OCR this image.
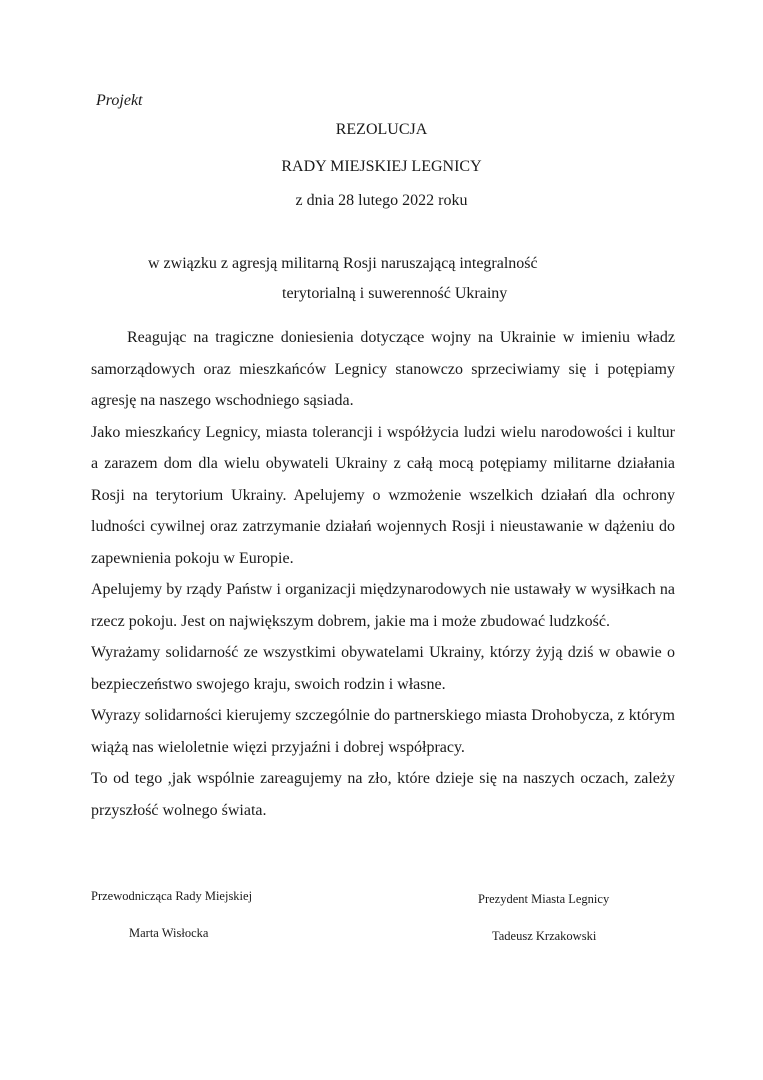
Projekt
REZOLUCJA
RADY MIEJSKIEJ LEGNICY
z dnia 28 lutego 2022 roku
w związku z agresją militarną Rosji naruszającą integralność
terytorialną i suwerenność Ukrainy

Reagując na tragiczne doniesienia dotyczące wojny na Ukrainie w imieniu władz samorządowych oraz mieszkańców Legnicy stanowczo sprzeciwiamy się i potępiamy agresję na naszego wschodniego sąsiada.

Jako mieszkańcy Legnicy, miasta tolerancji i współżycia ludzi wielu narodowości i kultur a zarazem dom dla wielu obywateli Ukrainy z całą mocą potępiamy militarne działania Rosji na terytorium Ukrainy. Apelujemy o wzmożenie wszelkich działań dla ochrony ludności cywilnej oraz zatrzymanie działań wojennych Rosji i nieustawanie w dążeniu do zapewnienia pokoju w Europie.

Apelujemy by rządy Państw i organizacji międzynarodowych nie ustawały w wysiłkach na rzecz pokoju. Jest on największym dobrem, jakie ma i może zbudować ludzkość.

Wyrażamy solidarność ze wszystkimi obywatelami Ukrainy, którzy żyją dziś w obawie o bezpieczeństwo swojego kraju, swoich rodzin i własne.

Wyrazy solidarności kierujemy szczególnie do partnerskiego miasta Drohobycza, z którym wiążą nas wieloletnie więzi przyjaźni i dobrej współpracy.

To od tego ,jak wspólnie zareagujemy na zło, które dzieje się na naszych oczach, zależy przyszłość wolnego świata.

Przewodnicząca Rady Miejskiej
Marta Wisłocka
Prezydent Miasta Legnicy
Tadeusz Krzakowski
